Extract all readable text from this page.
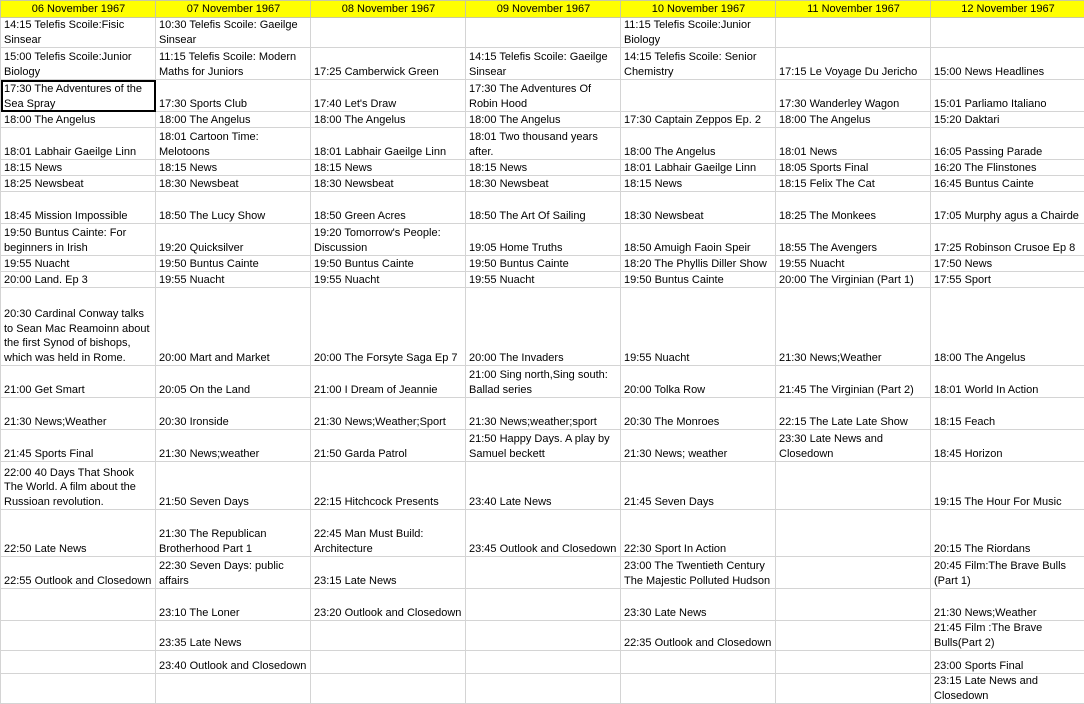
06 November 1967	07 November 1967	08 November 1967	09 November 1967	10 November 1967	11 November 1967	12 November 1967
14:15 Telefis Scoile:Fisic Sinsear	10:30 Telefis Scoile: Gaeilge Sinsear			11:15 Telefis Scoile:Junior Biology		
15:00 Telefis Scoile:Junior Biology	11:15 Telefis Scoile: Modern Maths for Juniors	17:25 Camberwick Green	14:15 Telefis Scoile: Gaeilge Sinsear	14:15 Telefis Scoile: Senior Chemistry	17:15 Le Voyage Du Jericho	15:00 News Headlines
17:30 The Adventures of the Sea Spray	17:30 Sports Club	17:40 Let's Draw	17:30 The Adventures Of Robin Hood		17:30 Wanderley Wagon	15:01 Parliamo Italiano
18:00 The Angelus	18:00 The Angelus	18:00 The Angelus	18:00 The Angelus	17:30 Captain Zeppos Ep. 2	18:00 The Angelus	15:20 Daktari
18:01 Labhair Gaeilge Linn	18:01 Cartoon Time: Melotoons	18:01 Labhair Gaeilge Linn	18:01 Two thousand years after.	18:00 The Angelus	18:01 News	16:05 Passing Parade
18:15 News	18:15 News	18:15 News	18:15 News	18:01 Labhair Gaeilge Linn	18:05 Sports Final	16:20 The Flinstones
18:25 Newsbeat	18:30 Newsbeat	18:30 Newsbeat	18:30 Newsbeat	18:15 News	18:15 Felix The Cat	16:45 Buntus Cainte
18:45 Mission Impossible	18:50 The Lucy Show	18:50 Green Acres	18:50 The Art Of Sailing	18:30 Newsbeat	18:25 The Monkees	17:05 Murphy agus a Chairde
19:50 Buntus Cainte: For beginners in Irish	19:20 Quicksilver	19:20 Tomorrow's People: Discussion	19:05 Home Truths	18:50 Amuigh Faoin Speir	18:55 The Avengers	17:25 Robinson Crusoe Ep 8
19:55 Nuacht	19:50 Buntus Cainte	19:50 Buntus Cainte	19:50 Buntus Cainte	18:20 The Phyllis Diller Show	19:55 Nuacht	17:50 News
20:00 Land. Ep 3	19:55 Nuacht	19:55 Nuacht	19:55 Nuacht	19:50 Buntus Cainte	20:00 The Virginian (Part 1)	17:55 Sport
20:30 Cardinal Conway talks to Sean Mac Reamoinn about the first Synod of bishops, which was held in Rome.	20:00 Mart and Market	20:00 The Forsyte Saga Ep 7	20:00 The Invaders	19:55 Nuacht	21:30 News;Weather	18:00 The Angelus
21:00 Get Smart	20:05 On the Land	21:00 I Dream of Jeannie	21:00 Sing north,Sing south: Ballad series	20:00 Tolka Row	21:45 The Virginian (Part 2)	18:01 World In Action
21:30 News;Weather	20:30 Ironside	21:30 News;Weather;Sport	21:30 News;weather;sport	20:30 The Monroes	22:15 The Late Late Show	18:15 Feach
21:45 Sports Final	21:30 News;weather	21:50 Garda Patrol	21:50 Happy Days. A play by Samuel beckett	21:30 News; weather	23:30 Late News and Closedown	18:45 Horizon
22:00 40 Days That Shook The World. A film about the Russioan revolution.	21:50 Seven Days	22:15 Hitchcock Presents	23:40 Late News	21:45 Seven Days		19:15 The Hour For Music
22:50 Late News	21:30 The Republican Brotherhood Part 1	22:45 Man Must Build: Architecture	23:45 Outlook and Closedown	22:30 Sport In Action		20:15 The Riordans
22:55 Outlook and Closedown	22:30 Seven Days: public affairs	23:15 Late News		23:00 The Twentieth Century The Majestic Polluted Hudson		20:45 Film:The Brave Bulls (Part 1)
	23:10 The Loner	23:20 Outlook and Closedown		23:30 Late News		21:30 News;Weather
	23:35 Late News			22:35 Outlook and Closedown		21:45 Film :The Brave Bulls(Part 2)
	23:40 Outlook and Closedown					23:00 Sports Final
						23:15 Late News and Closedown
